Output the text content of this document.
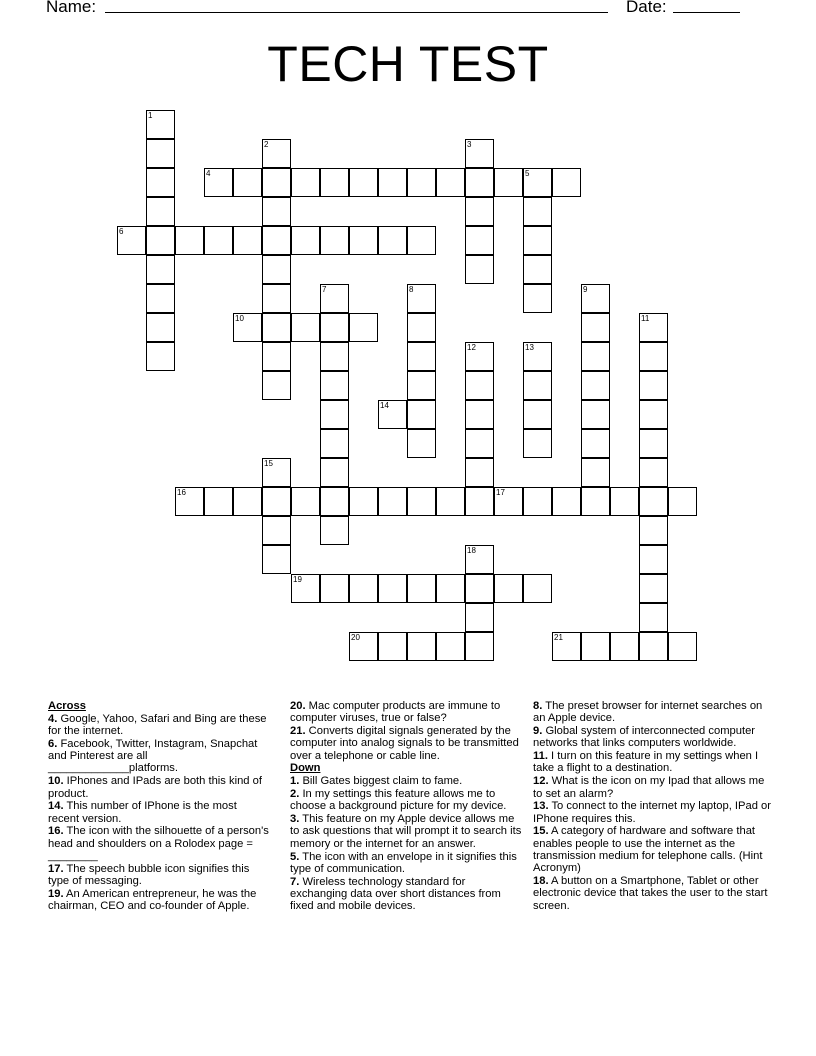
Name:	Date:
TECH TEST
1
2	3
4	5
6
7	8	9
10	11
12	13
14
15
16	17
18
19
20	21

Across

4. Google, Yahoo, Safari and Bing are these for the internet.

6. Facebook, Twitter, Instagram, Snapchat and Pinterest are all _____________platforms.

10. IPhones and IPads are both this kind of product.

14. This number of IPhone is the most recent version.

16. The icon with the silhouette of a person's head and shoulders on a Rolodex page = ________

17. The speech bubble icon signifies this type of messaging.

19. An American entrepreneur, he was the chairman, CEO and co-founder of Apple.

20. Mac computer products are immune to computer viruses, true or false?

21. Converts digital signals generated by the computer into analog signals to be transmitted over a telephone or cable line.

Down

1. Bill Gates biggest claim to fame.

2. In my settings this feature allows me to choose a background picture for my device.

3. This feature on my Apple device allows me to ask questions that will prompt it to search its memory or the internet for an answer.

5. The icon with an envelope in it signifies this type of communication.

7. Wireless technology standard for exchanging data over short distances from fixed and mobile devices.

8. The preset browser for internet searches on an Apple device.

9. Global system of interconnected computer networks that links computers worldwide.

11. I turn on this feature in my settings when I take a flight to a destination.

12. What is the icon on my Ipad that allows me to set an alarm?

13. To connect to the internet my laptop, IPad or IPhone requires this.

15. A category of hardware and software that enables people to use the internet as the transmission medium for telephone calls. (Hint Acronym)

18. A button on a Smartphone, Tablet or other electronic device that takes the user to the start screen.
